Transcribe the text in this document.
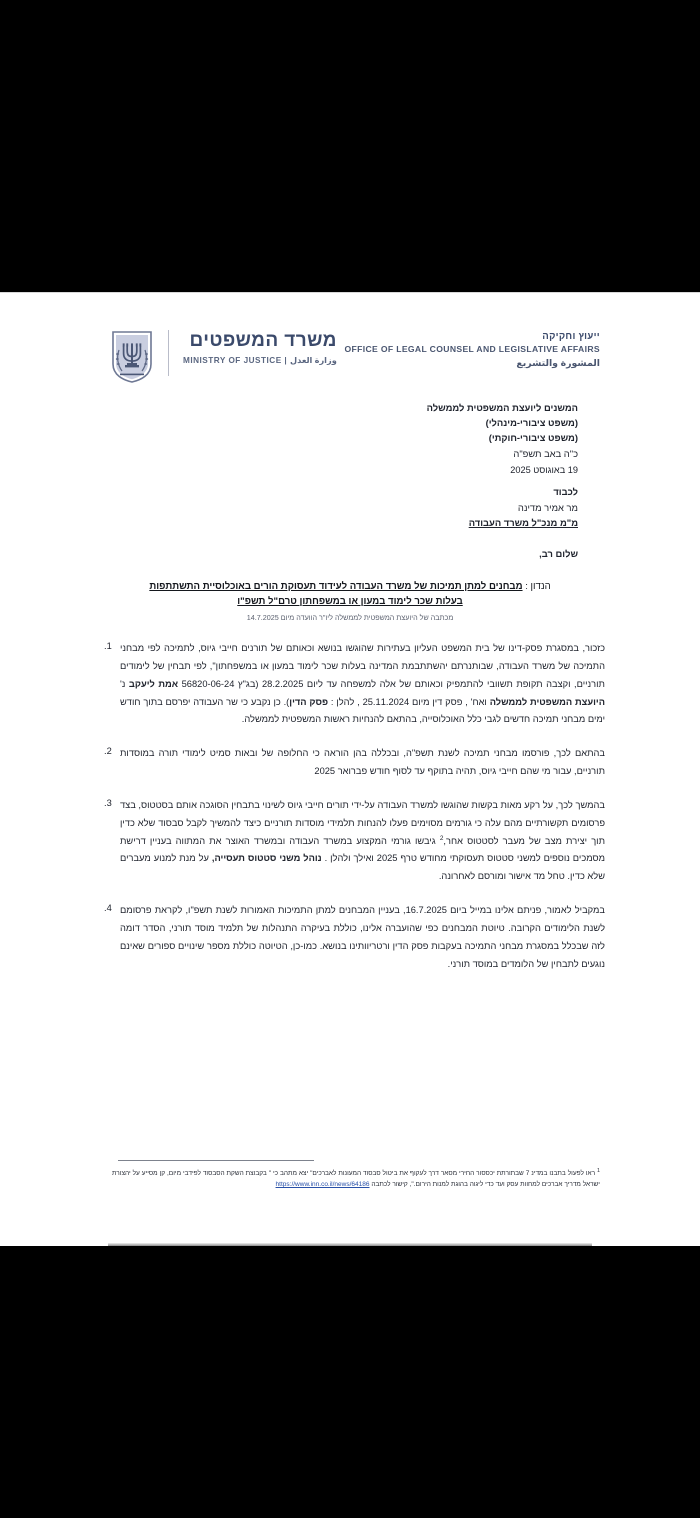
משרד המשפטים
MINISTRY OF JUSTICE | وزارة العدل
ייעוץ וחקיקה
OFFICE OF LEGAL COUNSEL AND LEGISLATIVE AFFAIRS
المشورة والتشريع
המשנים ליועצת המשפטית לממשלה
(משפט ציבורי-מינהלי)
(משפט ציבורי-חוקתי)
כ"ה באב תשפ"ה
19 באוגוסט 2025
לכבוד
מר אמיר מדינה
מ"מ מנכ"ל משרד העבודה
שלום רב,
הנדון : מבחנים למתן תמיכות של משרד העבודה לעידוד תעסוקת הורים באוכלוסיית התשתתפות
בעלות שכר לימוד במעון או במשפחתון טרם"ל תשפ"ו
מכתבה של היועצת המשפטית לממשלה ליו"ר הוועדה מיום 14.7.2025
כזכור, במסגרת פסק-דינו של בית המשפט העליון בעתירות שהוגשו בנושא וכאותם של תורנים חייבי גיוס, לתמיכה לפי מבחני התמיכה של משרד העבודה, שבותנרתם יהשתתבמת המדינה בעלות שכר לימוד במעון או במשפחתון", לפי תבחין של לימודים תורניים, וקצבה תקופת תשוובי להתמפיק וכאותם של אלה למשפחה עד ליום 28.2.2025 (בג"ץ 56820-06-24 אמת ליעקב נ' היועצת המשפטית לממשלה ואח' , פסק דין מיום 25.11.2024 , להלן : פסק הדין). כן נקבע כי שר העבודה יפרסם בתוך חודש ימים מבחני תמיכה חדשים לגבי כלל האוכלוסייה, בהתאם להנחיות ראשות המשפטית לממשלה.
1.
בהתאם לכך, פורסמו מבחני תמיכה לשנת תשפ"ה, ובכללה בהן הוראה כי החלופה של ובאות סמיט לימודי תורה במוסדות תורניים, עבור מי שהם חייבי גיוס, תהיה בתוקף עד לסוף חודש פברואר 2025
2.
בהמשך לכך, על רקע מאות בקשות שהוגשו למשרד העבודה על-ידי תורים חייבי גיוס לשינוי בתבחין הסוגכה אותם בסטטוס, בצד פרסומים תקשורתיים מהם עלה כי גורמים מסוימים פעלו להנחות תלמידי מוסדות תורניים כיצד להמשיך לקבל סבסוד שלא כדין תוך יצירת מצב של מעבר לסטטוס אחר,$^2$ גיבשו גורמי המקצוע במשרד העבודה ובמשרד האוצר את המתווה בעניין דרישת מסמכים נוספים למשני סטטוס תעסוקתי מחודש טרף 2025 ואילך ולהלן . נוהל משני סטטוס תעסייה, על מנת למנוע מעברים שלא כדין. טחל מד אישור ומורסם לאחרונה.
3.
במקביל לאמור, פניתם אלינו במייל ביום 16.7.2025, בעניין המבחנים למתן התמיכות האמורות לשנת תשפ"ו, לקראת פרסומם לשנת הלימודים הקרובה. טיוטת המבחנים כפי שהועברה אלינו, כוללת בעיקרה התנהלות של תלמיד מוסד תורני, הסדר דומה לזה שבכלל במסגרת מבחני התמיכה בעקבות פסק הדין ורטריוותינו בנושא. כמו-כן, הטיוטה כוללת מספר שינויים ספורים שאינם נוגעים לתבחין של הלומדים במוסד תורני.
4.
$^1$ ראו לפעול בתבנו במדינ 7 שבתורתת יכססור החירי מסאר דרך לעקוף את ביטול סבסוד המעונות לאברכים" יצא מתהב כי " בקבוצת השקת הסבסוד לפידבי מיום, קן מסייע על יהצורת ישראל מדריך אברכים למחוות עסק ועד כדי ליגוה בהוגת למנות הירום.", קישור לכתבה https://www.inn.co.il/news/64186
